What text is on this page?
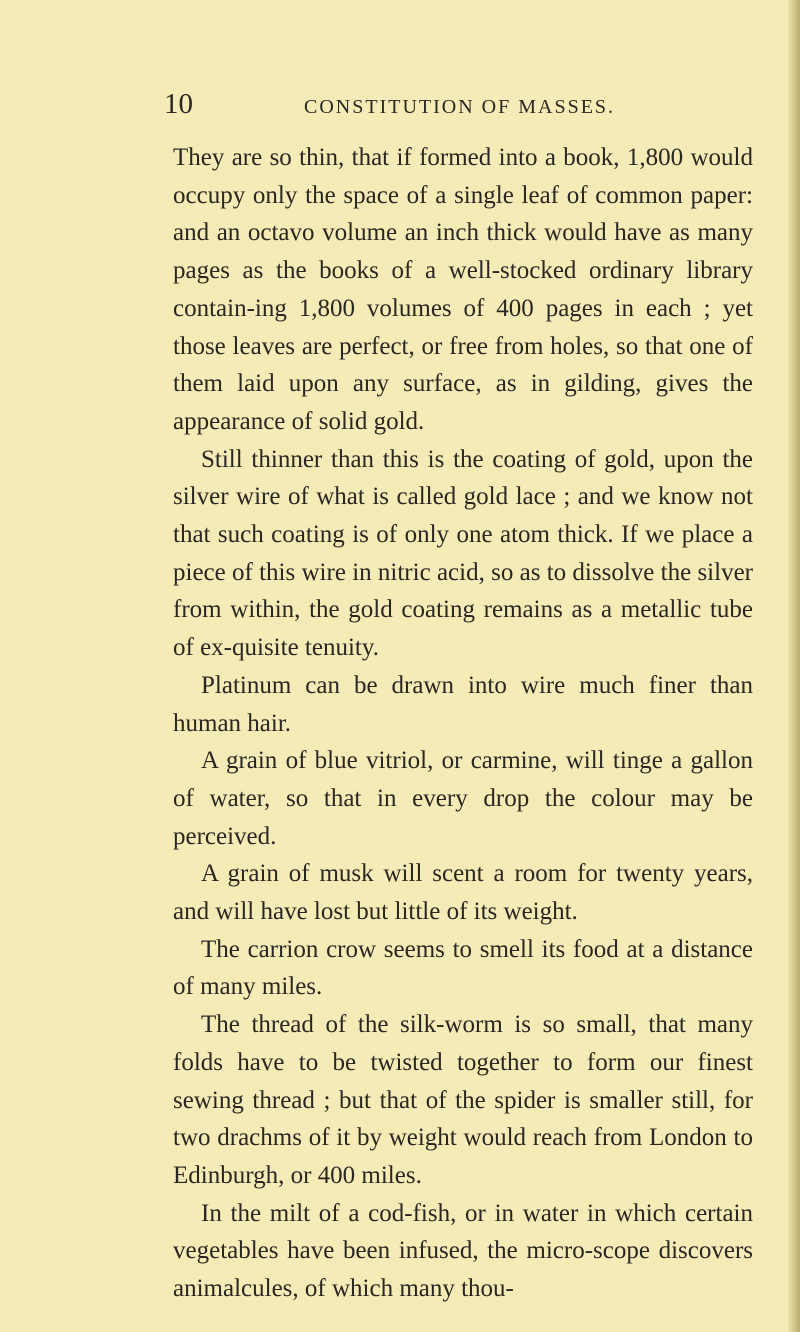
10	CONSTITUTION OF MASSES.

They are so thin, that if formed into a book, 1,800 would occupy only the space of a single leaf of common paper: and an octavo volume an inch thick would have as many pages as the books of a well-stocked ordinary library contain-ing 1,800 volumes of 400 pages in each ; yet those leaves are perfect, or free from holes, so that one of them laid upon any surface, as in gilding, gives the appearance of solid gold.

Still thinner than this is the coating of gold, upon the silver wire of what is called gold lace ; and we know not that such coating is of only one atom thick. If we place a piece of this wire in nitric acid, so as to dissolve the silver from within, the gold coating remains as a metallic tube of ex-quisite tenuity.

Platinum can be drawn into wire much finer than human hair.

A grain of blue vitriol, or carmine, will tinge a gallon of water, so that in every drop the colour may be perceived.

A grain of musk will scent a room for twenty years, and will have lost but little of its weight.

The carrion crow seems to smell its food at a distance of many miles.

The thread of the silk-worm is so small, that many folds have to be twisted together to form our finest sewing thread ; but that of the spider is smaller still, for two drachms of it by weight would reach from London to Edinburgh, or 400 miles.

In the milt of a cod-fish, or in water in which certain vegetables have been infused, the micro-scope discovers animalcules, of which many thou-
